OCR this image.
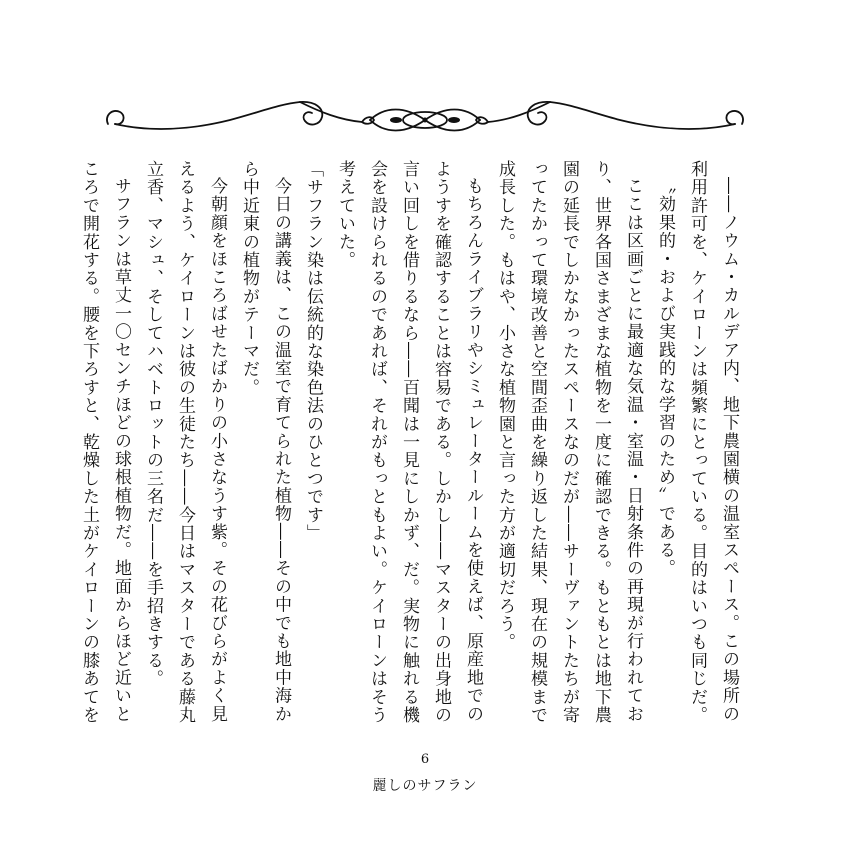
――ノウム・カルデア内、地下農園横の温室スペース。この場所の利用許可を、ケイローンは頻繁にとっている。目的はいつも同じだ。

〝効果的・および実践的な学習のため〟である。

ここは区画ごとに最適な気温・室温・日射条件の再現が行われており、世界各国さまざまな植物を一度に確認できる。もともとは地下農園の延長でしかなかったスペースなのだが――サーヴァントたちが寄ってたかって環境改善と空間歪曲を繰り返した結果、現在の規模まで成長した。もはや、小さな植物園と言った方が適切だろう。

もちろんライブラリやシミュレータールームを使えば、原産地でのようすを確認することは容易である。しかし――マスターの出身地の言い回しを借りるなら――百聞は一見にしかず、だ。実物に触れる機会を設けられるのであれば、それがもっともよい。ケイローンはそう考えていた。

「サフラン染は伝統的な染色法のひとつです」

今日の講義は、この温室で育てられた植物――その中でも地中海から中近東の植物がテーマだ。

今朝顔をほころばせたばかりの小さなうす紫。その花びらがよく見えるよう、ケイローンは彼の生徒たち――今日はマスターである藤丸立香、マシュ、そしてハベトロットの三名だ――を手招きする。

サフランは草丈一〇センチほどの球根植物だ。地面からほど近いところで開花する。腰を下ろすと、乾燥した土がケイローンの膝あてを

6
麗しのサフラン
